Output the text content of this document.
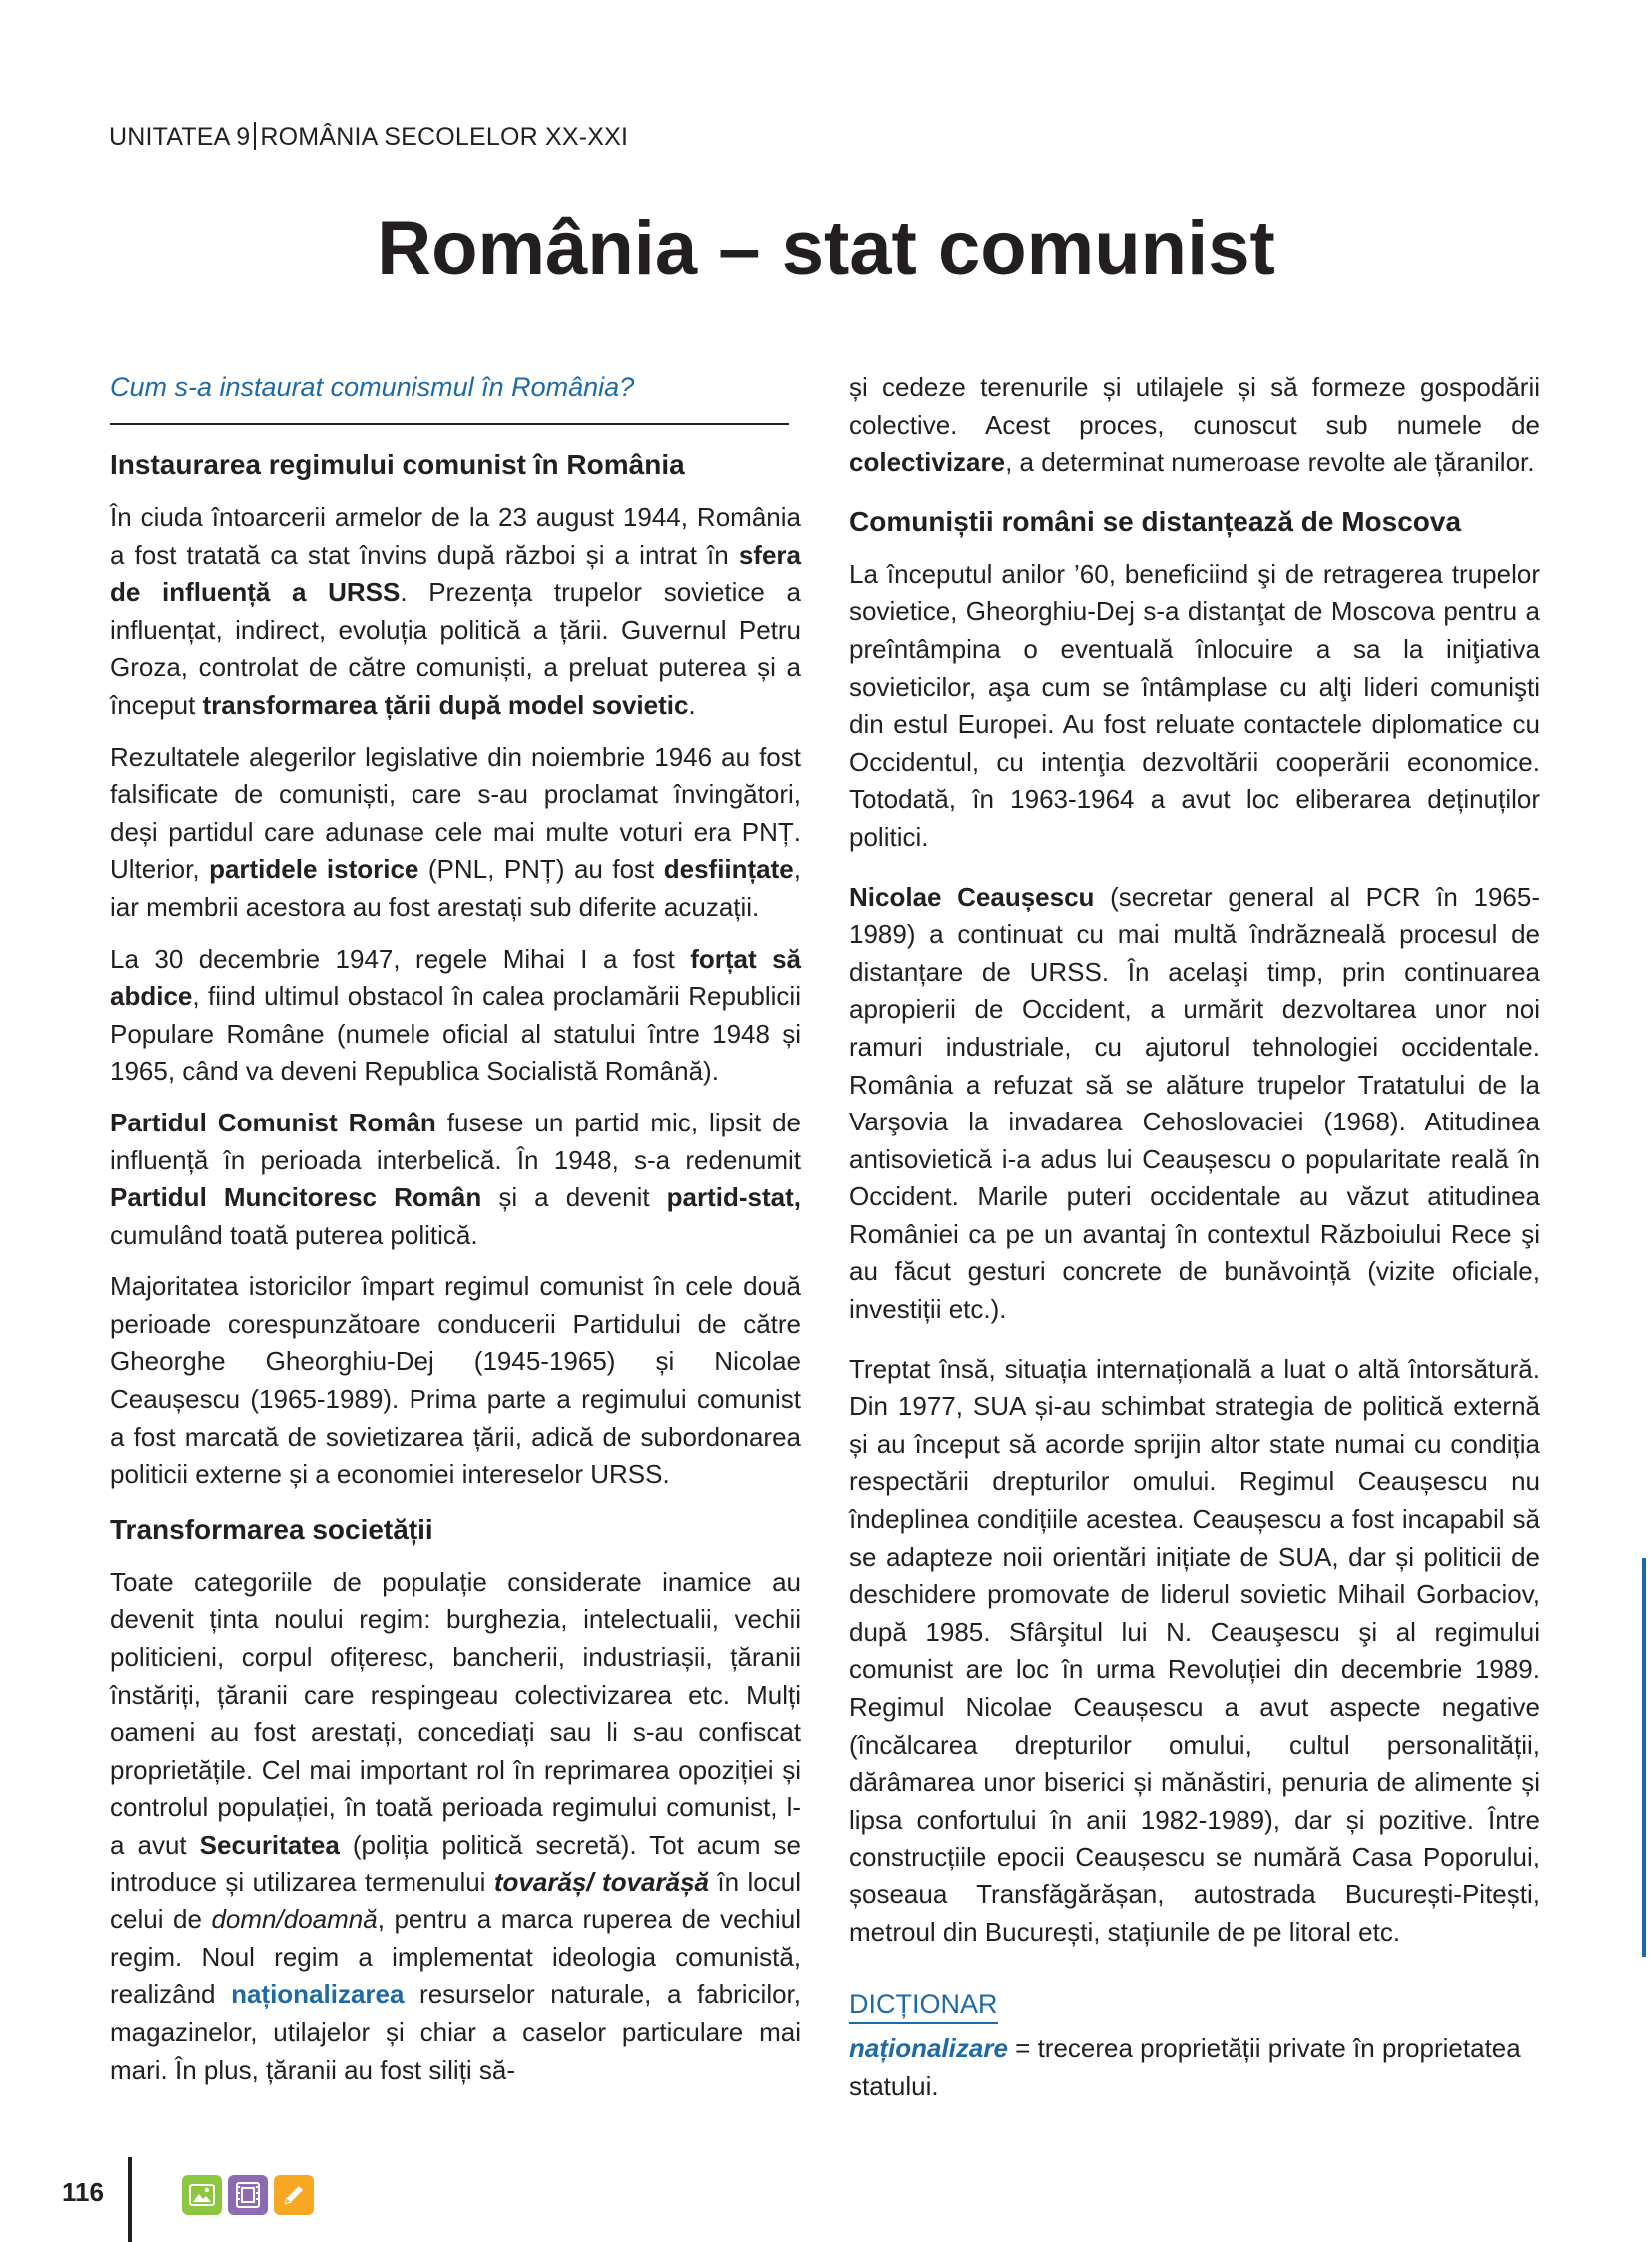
UNITATEA 9 ROMÂNIA SECOLELOR XX-XXI
România – stat comunist
Cum s-a instaurat comunismul în România?
Instaurarea regimului comunist în România

În ciuda întoarcerii armelor de la 23 august 1944, România a fost tratată ca stat învins după război și a intrat în sfera de influență a URSS. Prezența trupelor sovietice a influențat, indirect, evoluția politică a țării. Guvernul Petru Groza, controlat de către comuniști, a preluat puterea și a început transformarea țării după model sovietic.

Rezultatele alegerilor legislative din noiembrie 1946 au fost falsificate de comuniști, care s-au proclamat învingători, deși partidul care adunase cele mai multe voturi era PNȚ. Ulterior, partidele istorice (PNL, PNȚ) au fost desființate, iar membrii acestora au fost arestați sub diferite acuzații.

La 30 decembrie 1947, regele Mihai I a fost forțat să abdice, fiind ultimul obstacol în calea proclamării Republicii Populare Române (numele oficial al statului între 1948 și 1965, când va deveni Republica Socialistă Română).

Partidul Comunist Român fusese un partid mic, lipsit de influență în perioada interbelică. În 1948, s-a redenumit Partidul Muncitoresc Român și a devenit partid-stat, cumulând toată puterea politică.

Majoritatea istoricilor împart regimul comunist în cele două perioade corespunzătoare conducerii Partidului de către Gheorghe Gheorghiu-Dej (1945-1965) și Nicolae Ceaușescu (1965-1989). Prima parte a regimului comunist a fost marcată de sovietizarea țării, adică de subordonarea politicii externe și a economiei intereselor URSS.

Transformarea societății

Toate categoriile de populație considerate inamice au devenit ținta noului regim: burghezia, intelectualii, vechii politicieni, corpul ofițeresc, bancherii, industriașii, țăranii înstăriți, țăranii care respingeau colectivizarea etc. Mulți oameni au fost arestați, concediați sau li s-au confiscat proprietățile. Cel mai important rol în reprimarea opoziției și controlul populației, în toată perioada regimului comunist, l-a avut Securitatea (poliția politică secretă). Tot acum se introduce și utilizarea termenului tovarăș/ tovarășă în locul celui de domn/doamnă, pentru a marca ruperea de vechiul regim. Noul regim a implementat ideologia comunistă, realizând naționalizarea resurselor naturale, a fabricilor, magazinelor, utilajelor și chiar a caselor particulare mai mari. În plus, țăranii au fost siliți să-

și cedeze terenurile și utilajele și să formeze gospodării colective. Acest proces, cunoscut sub numele de colectivizare, a determinat numeroase revolte ale țăranilor.

Comuniștii români se distanțează de Moscova

La începutul anilor ’60, beneficiind şi de retragerea trupelor sovietice, Gheorghiu-Dej s-a distanţat de Moscova pentru a preîntâmpina o eventuală înlocuire a sa la iniţiativa sovieticilor, aşa cum se întâmplase cu alţi lideri comunişti din estul Europei. Au fost reluate contactele diplomatice cu Occidentul, cu intenţia dezvoltării cooperării economice. Totodată, în 1963-1964 a avut loc eliberarea deținuților politici.

Nicolae Ceaușescu (secretar general al PCR în 1965-1989) a continuat cu mai multă îndrăzneală procesul de distanțare de URSS. În acelaşi timp, prin continuarea apropierii de Occident, a urmărit dezvoltarea unor noi ramuri industriale, cu ajutorul tehnologiei occidentale. România a refuzat să se alăture trupelor Tratatului de la Varşovia la invadarea Cehoslovaciei (1968). Atitudinea antisovietică i-a adus lui Ceaușescu o popularitate reală în Occident. Marile puteri occidentale au văzut atitudinea României ca pe un avantaj în contextul Războiului Rece şi au făcut gesturi concrete de bunăvoință (vizite oficiale, investiții etc.).

Treptat însă, situația internațională a luat o altă întorsătură. Din 1977, SUA și-au schimbat strategia de politică externă și au început să acorde sprijin altor state numai cu condiția respectării drepturilor omului. Regimul Ceaușescu nu îndeplinea condițiile acestea. Ceaușescu a fost incapabil să se adapteze noii orientări inițiate de SUA, dar și politicii de deschidere promovate de liderul sovietic Mihail Gorbaciov, după 1985. Sfârşitul lui N. Ceauşescu şi al regimului comunist are loc în urma Revoluției din decembrie 1989. Regimul Nicolae Ceaușescu a avut aspecte negative (încălcarea drepturilor omului, cultul personalității, dărâmarea unor biserici și mănăstiri, penuria de alimente și lipsa confortului în anii 1982-1989), dar și pozitive. Între construcțiile epocii Ceaușescu se numără Casa Poporului, șoseaua Transfăgărășan, autostrada București-Pitești, metroul din București, stațiunile de pe litoral etc.

DICȚIONAR

naționalizare = trecerea proprietății private în proprietatea statului.

116
